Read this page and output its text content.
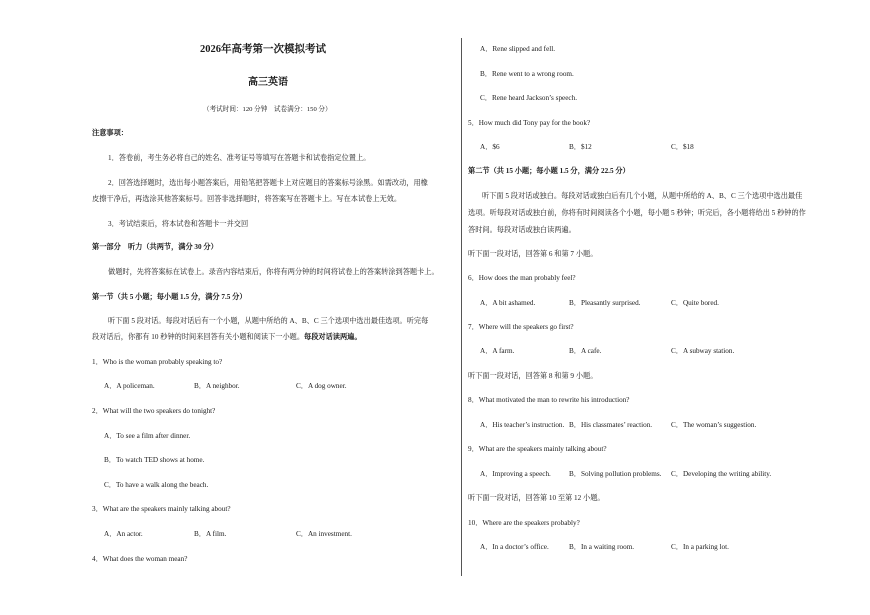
2026年高考第一次模拟考试
高三英语
（考试时间：120 分钟　试卷满分：150 分）
注意事项：
1．答卷前，考生务必将自己的姓名、准考证号等填写在答题卡和试卷指定位置上。
2．回答选择题时，选出每小题答案后，用铅笔把答题卡上对应题目的答案标号涂黑。如需改动，用橡
皮擦干净后，再选涂其他答案标号。回答非选择题时，将答案写在答题卡上。写在本试卷上无效。
3．考试结束后，将本试卷和答题卡一并交回
第一部分　听力（共两节，满分 30 分）
做题时，先将答案标在试卷上。录音内容结束后，你将有两分钟的时间将试卷上的答案转涂到答题卡上。
第一节（共 5 小题；每小题 1.5 分，满分 7.5 分）
听下面 5 段对话。每段对话后有一个小题，从题中所给的 A、B、C 三个选项中选出最佳选项。听完每
段对话后，你都有 10 秒钟的时间来回答有关小题和阅读下一小题。每段对话读两遍。
1．Who is the woman probably speaking to?
A．A policeman.	B．A neighbor.	C．A dog owner.
2．What will the two speakers do tonight?
A．To see a film after dinner.
B．To watch TED shows at home.
C．To have a walk along the beach.
3．What are the speakers mainly talking about?
A．An actor.	B．A film.	C．An investment.
4．What does the woman mean?
A．Rene slipped and fell.
B．Rene went to a wrong room.
C．Rene heard Jackson’s speech.
5．How much did Tony pay for the book?
A．$6	B．$12	C．$18
第二节（共 15 小题；每小题 1.5 分，满分 22.5 分）
听下面 5 段对话或独白。每段对话或独白后有几个小题，从题中所给的 A、B、C 三个选项中选出最佳
选项。听每段对话或独白前，你将有时间阅读各个小题，每小题 5 秒钟；听完后，各小题将给出 5 秒钟的作
答时间。每段对话或独白读两遍。
听下面一段对话，回答第 6 和第 7 小题。
6．How does the man probably feel?
A．A bit ashamed.	B．Pleasantly surprised.	C．Quite bored.
7．Where will the speakers go first?
A．A farm.	B．A cafe.	C．A subway station.
听下面一段对话，回答第 8 和第 9 小题。
8．What motivated the man to rewrite his introduction?
A．His teacher’s instruction. B．His classmates’ reaction.	C．The woman’s suggestion.
9．What are the speakers mainly talking about?
A．Improving a speech.	B．Solving pollution problems. C．Developing the writing ability.
听下面一段对话，回答第 10 至第 12 小题。
10．Where are the speakers probably?
A．In a doctor’s office.	B．In a waiting room.	C．In a parking lot.
